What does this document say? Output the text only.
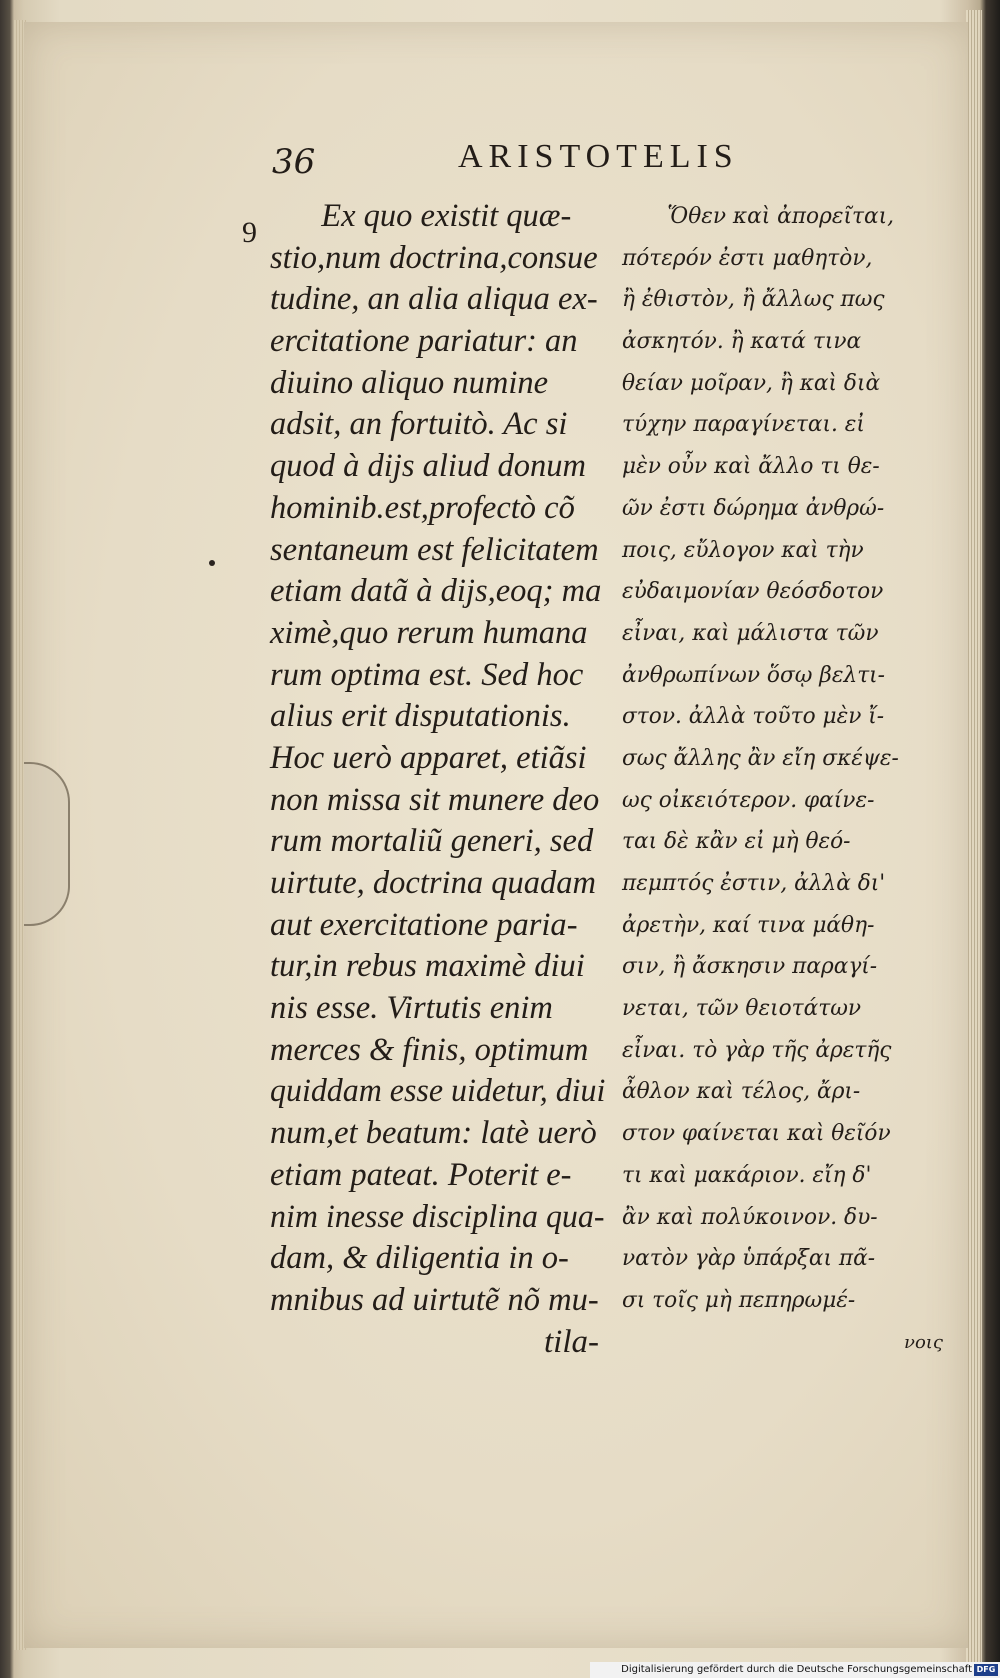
36	ARISTOTELIS
9	Ex quo existit quæ-
stio,num doctrina,consue
tudine, an alia aliqua ex-
ercitatione pariatur: an
diuino aliquo numine
adsit, an fortuitò. Ac si
quod à dijs aliud donum
hominib.est,profectò cõ
sentaneum est felicitatem
etiam datã à dijs,eoq; ma
ximè,quo rerum humana
rum optima est. Sed hoc
alius erit disputationis.
Hoc uerò apparet, etiãsi
non missa sit munere deo
rum mortaliũ generi, sed
uirtute, doctrina quadam
aut exercitatione paria-
tur,in rebus maximè diui
nis esse. Virtutis enim
merces & finis, optimum
quiddam esse uidetur, diui
num,et beatum: latè uerò
etiam pateat. Poterit e-
nim inesse disciplina qua-
dam, & diligentia in o-
mnibus ad uirtutẽ nõ mu-
tila-
Ὅθεν καὶ ἀπορεῖται,
πότερόν ἐστι μαθητὸν,
ἢ ἐθιστὸν, ἢ ἄλλως πως
ἀσκητόν. ἢ κατά τινα
θείαν μοῖραν, ἢ καὶ διὰ
τύχην παραγίνεται. εἰ
μὲν οὖν καὶ ἄλλο τι θε-
ῶν ἐστι δώρημα ἀνθρώ-
ποις, εὔλογον καὶ τὴν
εὐδαιμονίαν θεόσδοτον
εἶναι, καὶ μάλιστα τῶν
ἀνθρωπίνων ὅσῳ βελτι-
στον. ἀλλὰ τοῦτο μὲν ἴ-
σως ἄλλης ἂν εἴη σκέψε-
ως οἰκειότερον. φαίνε-
ται δὲ κἂν εἰ μὴ θεό-
πεμπτός ἐστιν, ἀλλὰ δι'
ἀρετὴν, καί τινα μάθη-
σιν, ἢ ἄσκησιν παραγί-
νεται, τῶν θειοτάτων
εἶναι. τὸ γὰρ τῆς ἀρετῆς
ἆθλον καὶ τέλος, ἄρι-
στον φαίνεται καὶ θεῖόν
τι καὶ μακάριον. εἴη δ'
ἂν καὶ πολύκοινον. δυ-
νατὸν γὰρ ὑπάρξαι πᾶ-
σι τοῖς μὴ πεπηρωμέ-
νοις
Digitalisierung gefördert durch die Deutsche Forschungsgemeinschaft DFG
